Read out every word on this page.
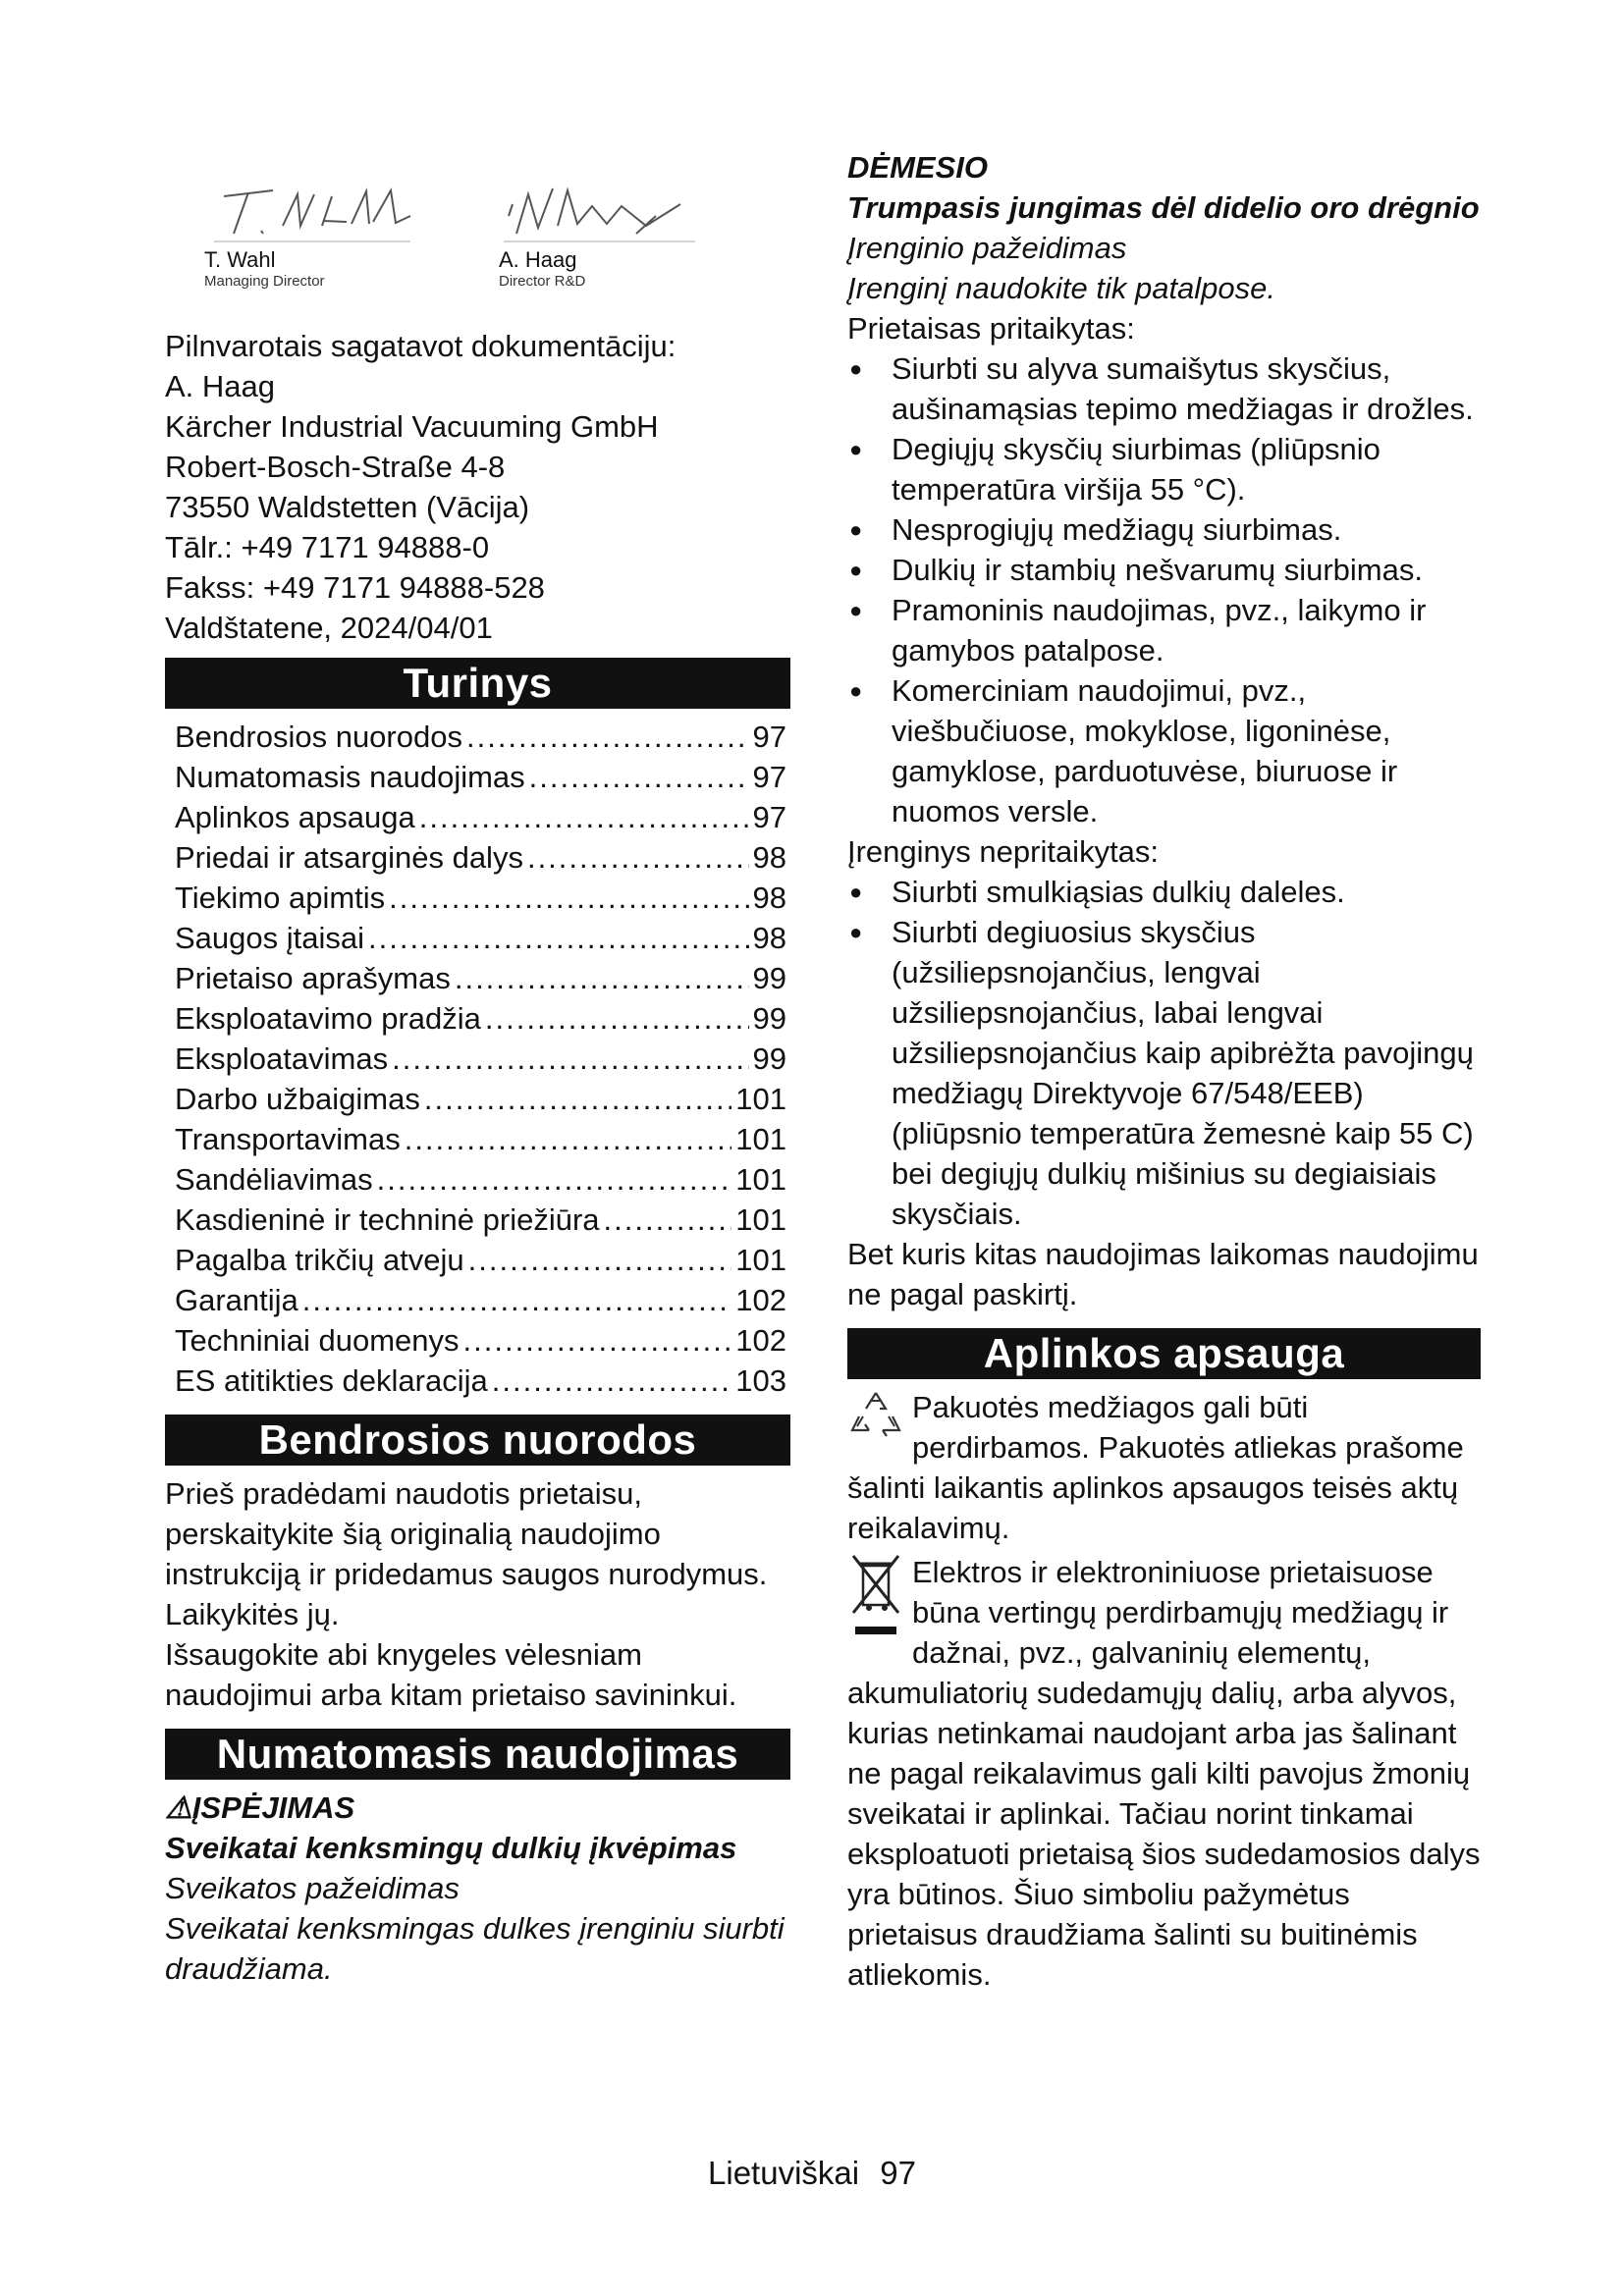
T. Wahl
Managing Director
A. Haag
Director R&D

Pilnvarotais sagatavot dokumentāciju:

A. Haag

Kärcher Industrial Vacuuming GmbH

Robert-Bosch-Straße 4-8

73550 Waldstetten (Vācija)

Tālr.: +49 7171 94888-0

Fakss: +49 7171 94888-528

Valdštatene, 2024/04/01

Turinys
Bendrosios nuorodos .....	97
Numatomasis naudojimas .....	97
Aplinkos apsauga .....	97
Priedai ir atsarginės dalys .....	98
Tiekimo apimtis .....	98
Saugos įtaisai .....	98
Prietaiso aprašymas .....	99
Eksploatavimo pradžia .....	99
Eksploatavimas .....	99
Darbo užbaigimas .....	101
Transportavimas .....	101
Sandėliavimas .....	101
Kasdieninė ir techninė priežiūra .....	101
Pagalba trikčių atveju .....	101
Garantija .....	102
Techniniai duomenys .....	102
ES atitikties deklaracija .....	103
Bendrosios nuorodos

Prieš pradėdami naudotis prietaisu, perskaitykite šią originalią naudojimo instrukciją ir pridedamus saugos nurodymus. Laikykitės jų.

Išsaugokite abi knygeles vėlesniam naudojimui arba kitam prietaiso savininkui.

Numatomasis naudojimas

⚠ĮSPĖJIMAS

Sveikatai kenksmingų dulkių įkvėpimas

Sveikatos pažeidimas

Sveikatai kenksmingas dulkes įrenginiu siurbti draudžiama.

DĖMESIO

Trumpasis jungimas dėl didelio oro drėgnio

Įrenginio pažeidimas

Įrenginį naudokite tik patalpose.

Prietaisas pritaikytas:

● Siurbti su alyva sumaišytus skysčius, aušinamąsias tepimo medžiagas ir drožles.
● Degiųjų skysčių siurbimas (pliūpsnio temperatūra viršija 55 °C).
● Nesprogiųjų medžiagų siurbimas.
● Dulkių ir stambių nešvarumų siurbimas.
● Pramoninis naudojimas, pvz., laikymo ir gamybos patalpose.
● Komerciniam naudojimui, pvz., viešbučiuose, mokyklose, ligoninėse, gamyklose, parduotuvėse, biuruose ir nuomos versle.

Įrenginys nepritaikytas:

● Siurbti smulkiąsias dulkių daleles.
● Siurbti degiuosius skysčius (užsiliepsnojančius, lengvai užsiliepsnojančius, labai lengvai užsiliepsnojančius kaip apibrėžta pavojingų medžiagų Direktyvoje 67/548/EEB) (pliūpsnio temperatūra žemesnė kaip 55 C) bei degiųjų dulkių mišinius su degiaisiais skysčiais.

Bet kuris kitas naudojimas laikomas naudojimu ne pagal paskirtį.

Aplinkos apsauga

Pakuotės medžiagos gali būti perdirbamos. Pakuotės atliekas prašome šalinti laikantis aplinkos apsaugos teisės aktų reikalavimų.

Elektros ir elektroniniuose prietaisuose būna vertingų perdirbamųjų medžiagų ir dažnai, pvz., galvaninių elementų, akumuliatorių sudedamųjų dalių, arba alyvos, kurias netinkamai naudojant arba jas šalinant ne pagal reikalavimus gali kilti pavojus žmonių sveikatai ir aplinkai. Tačiau norint tinkamai eksploatuoti prietaisą šios sudedamosios dalys yra būtinos. Šiuo simboliu pažymėtus prietaisus draudžiama šalinti su buitinėmis atliekomis.

Lietuviškai 97
